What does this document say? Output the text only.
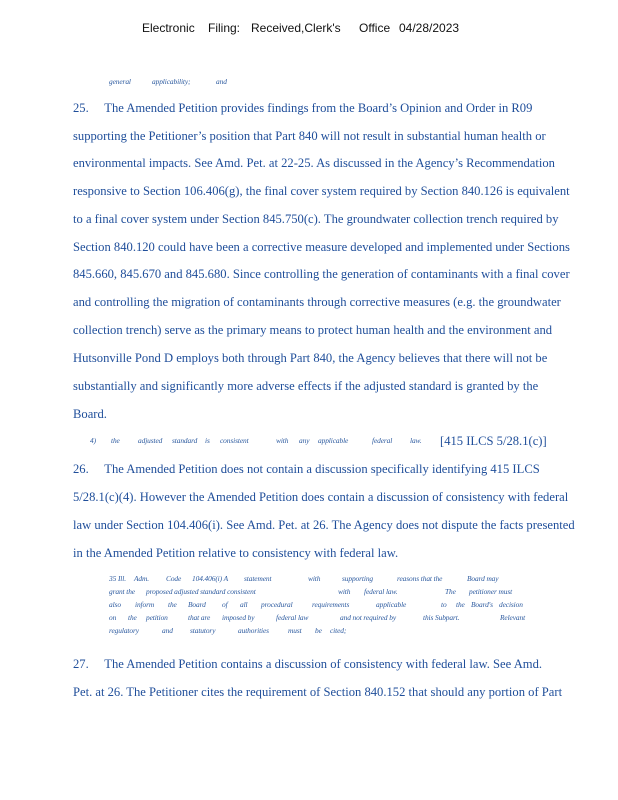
Electronic Filing: Received,Clerk's Office 04/28/2023
general	applicability;	and
25.  The Amended Petition provides findings from the Board’s Opinion and Order in R09
supporting the Petitioner’s position that Part 840 will not result in substantial human health or
environmental impacts. See Amd. Pet. at 22-25. As discussed in the Agency’s Recommendation
responsive to Section 106.406(g), the final cover system required by Section 840.126 is equivalent
to a final cover system under Section 845.750(c). The groundwater collection trench required by
Section 840.120 could have been a corrective measure developed and implemented under Sections
845.660, 845.670 and 845.680. Since controlling the generation of contaminants with a final cover
and controlling the migration of contaminants through corrective measures (e.g. the groundwater
collection trench) serve as the primary means to protect human health and the environment and
Hutsonville Pond D employs both through Part 840, the Agency believes that there will not be
substantially and significantly more adverse effects if the adjusted standard is granted by the
Board.
4) the adjusted standard is consistent	with any applicable	federal law. [415 ILCS 5/28.1(c)]
26.  The Amended Petition does not contain a discussion specifically identifying 415 ILCS
5/28.1(c)(4). However the Amended Petition does contain a discussion of consistency with federal
law under Section 104.406(i). See Amd. Pet. at 26. The Agency does not dispute the facts presented
in the Amended Petition relative to consistency with federal law.
35 Ill. Adm. Code 104.406(i) A statement	with	supporting	reasons that the	Board may
grant the proposed adjusted standard consistent	with federal law.	The petitioner must
also inform the Board of all procedural	requirements	applicable	to the Board's decision
on the petition	that are imposed by	federal law	and not required by	this Subpart.	Relevant
regulatory	and statutory	authorities	must be cited;
27.  The Amended Petition contains a discussion of consistency with federal law. See Amd.
Pet. at 26. The Petitioner cites the requirement of Section 840.152 that should any portion of Part
